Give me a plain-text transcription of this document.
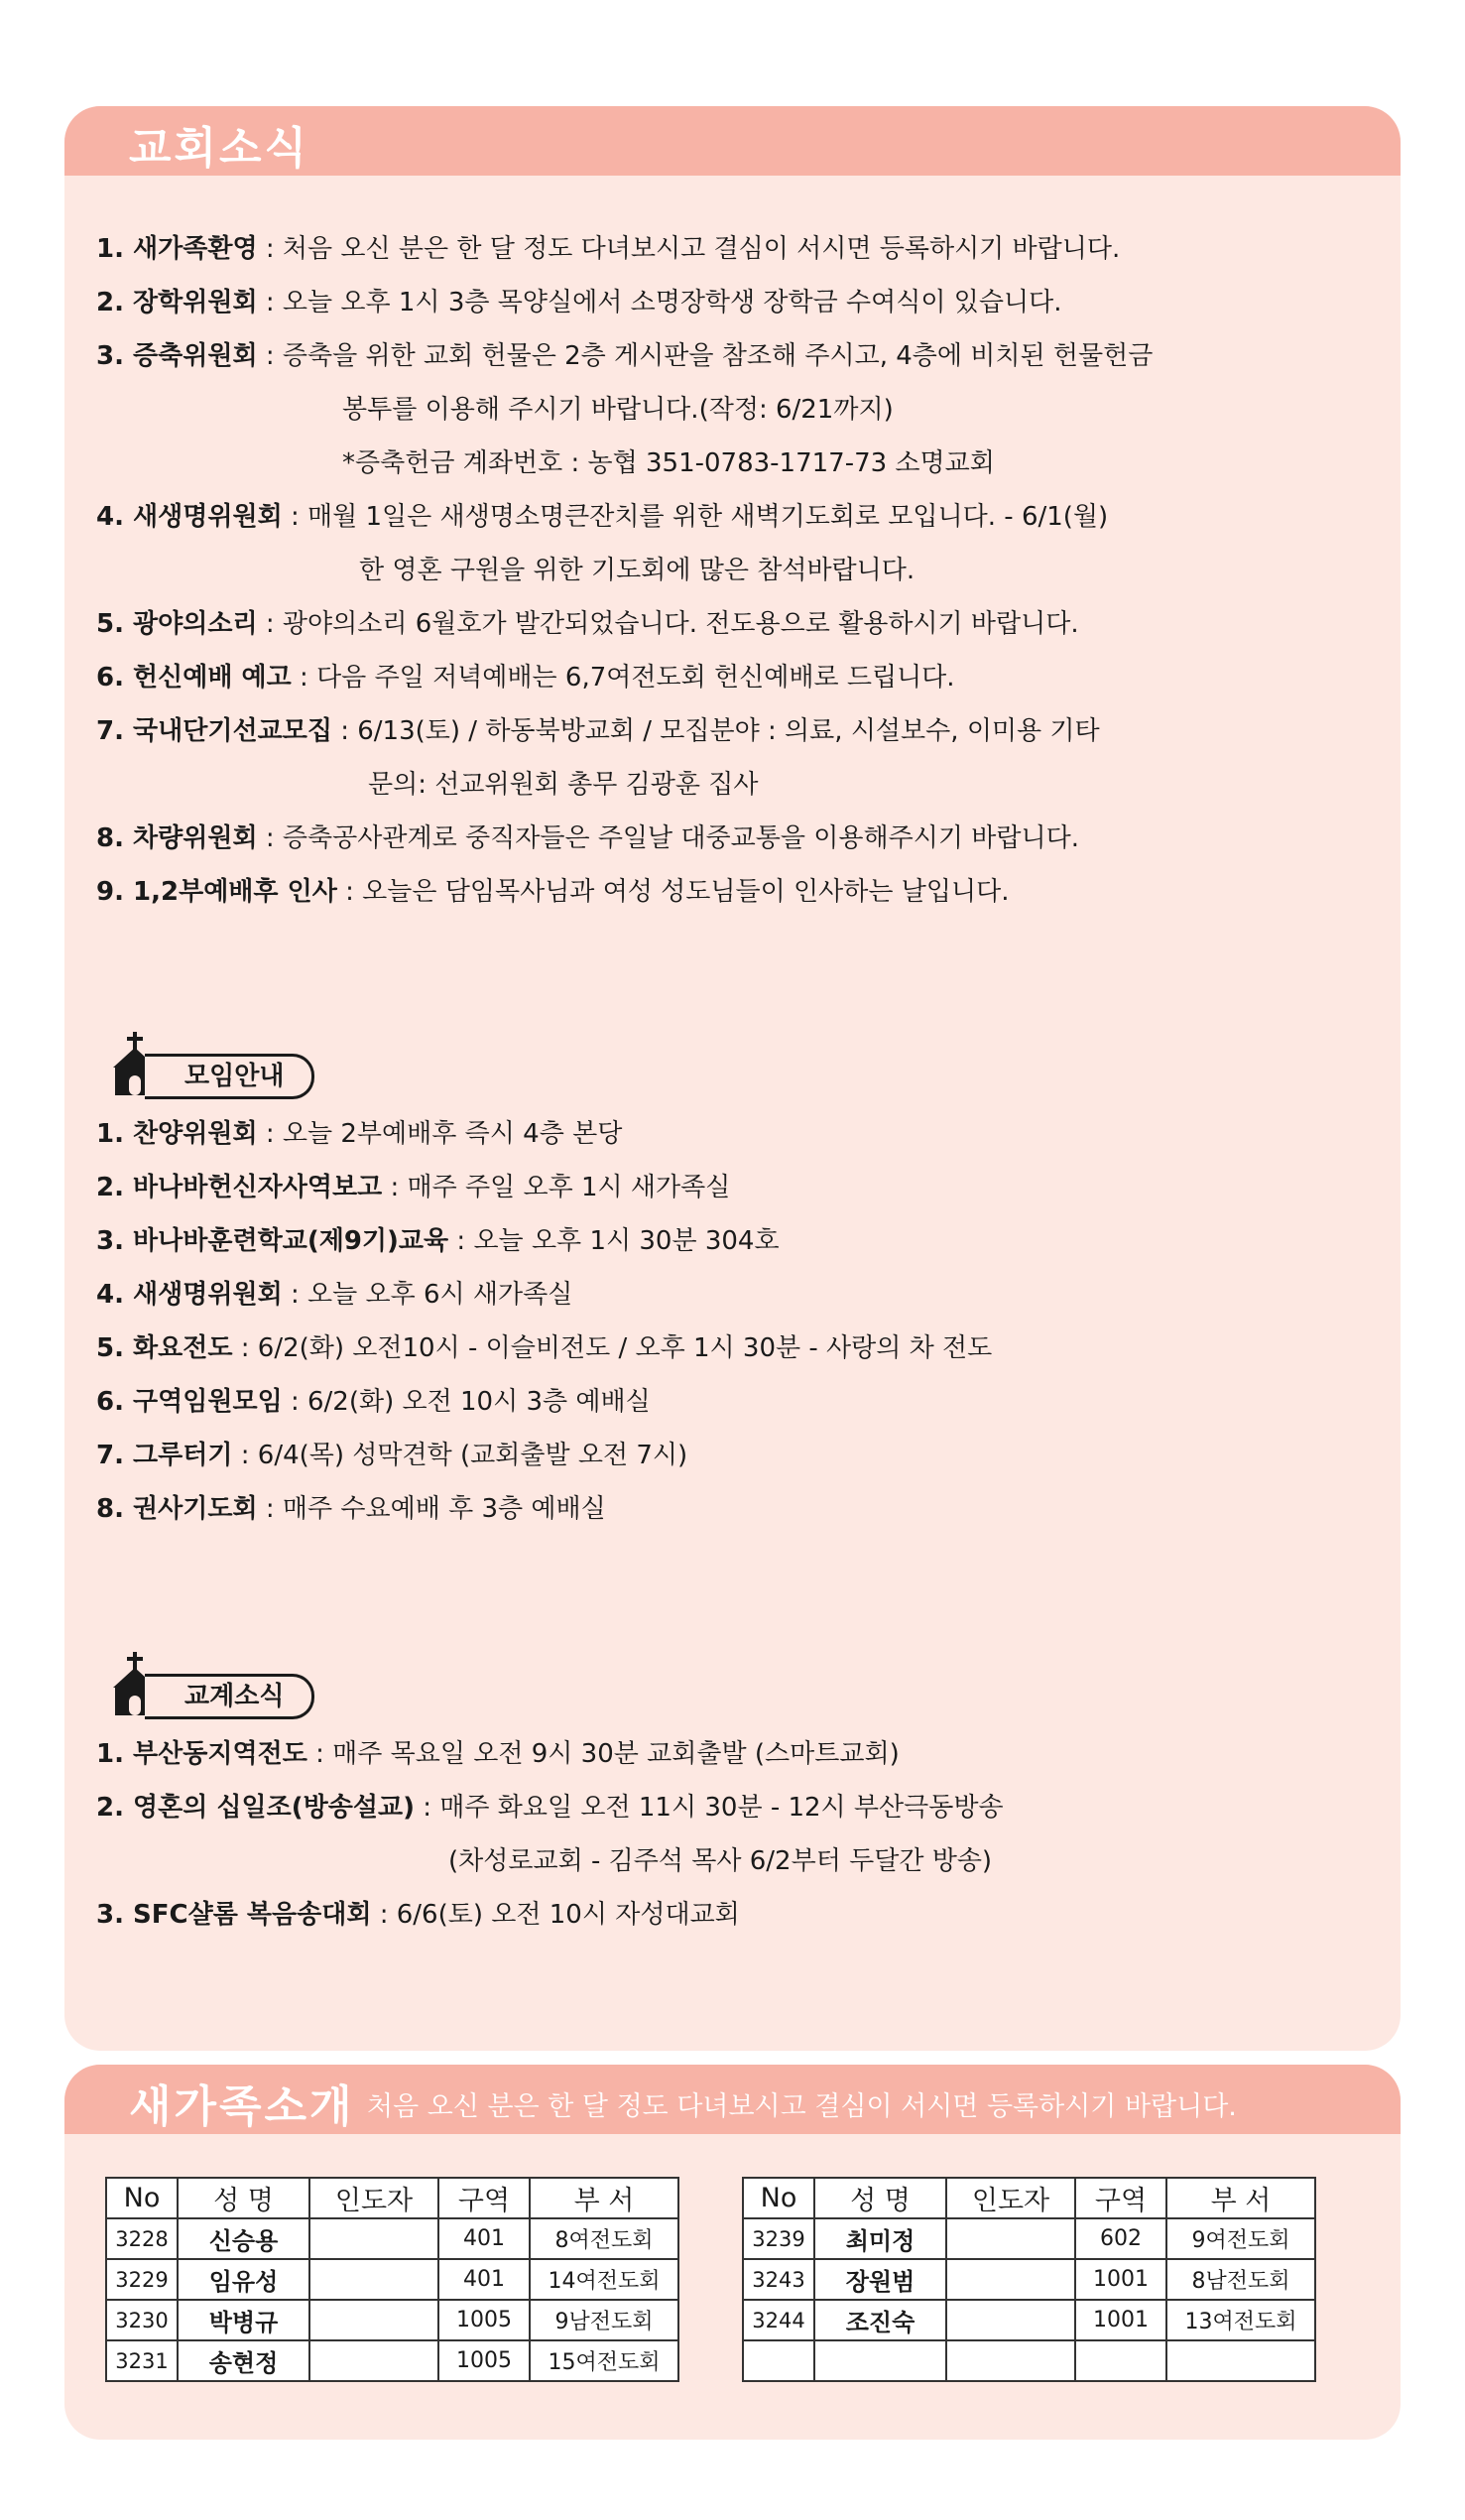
교회소식
1. 새가족환영 : 처음 오신 분은 한 달 정도 다녀보시고 결심이 서시면 등록하시기 바랍니다.
2. 장학위원회 : 오늘 오후 1시 3층 목양실에서 소명장학생 장학금 수여식이 있습니다.
3. 증축위원회 : 증축을 위한 교회 헌물은 2층 게시판을 참조해 주시고, 4층에 비치된 헌물헌금
봉투를 이용해 주시기 바랍니다.(작정: 6/21까지)
*증축헌금 계좌번호 : 농협 351-0783-1717-73 소명교회
4. 새생명위원회 : 매월 1일은 새생명소명큰잔치를 위한 새벽기도회로 모입니다. - 6/1(월)
한 영혼 구원을 위한 기도회에 많은 참석바랍니다.
5. 광야의소리 : 광야의소리 6월호가 발간되었습니다. 전도용으로 활용하시기 바랍니다.
6. 헌신예배 예고 : 다음 주일 저녁예배는 6,7여전도회 헌신예배로 드립니다.
7. 국내단기선교모집 : 6/13(토) / 하동북방교회 / 모집분야 : 의료, 시설보수, 이미용 기타
문의: 선교위원회 총무 김광훈 집사
8. 차량위원회 : 증축공사관계로 중직자들은 주일날 대중교통을 이용해주시기 바랍니다.
9. 1,2부예배후 인사 : 오늘은 담임목사님과 여성 성도님들이 인사하는 날입니다.
모임안내
1. 찬양위원회 : 오늘 2부예배후 즉시 4층 본당
2. 바나바헌신자사역보고 : 매주 주일 오후 1시 새가족실
3. 바나바훈련학교(제9기)교육 : 오늘 오후 1시 30분 304호
4. 새생명위원회 : 오늘 오후 6시 새가족실
5. 화요전도 : 6/2(화) 오전10시 - 이슬비전도 / 오후 1시 30분 - 사랑의 차 전도
6. 구역임원모임 : 6/2(화) 오전 10시 3층 예배실
7. 그루터기 : 6/4(목) 성막견학 (교회출발 오전 7시)
8. 권사기도회 : 매주 수요예배 후 3층 예배실
교계소식
1. 부산동지역전도 : 매주 목요일 오전 9시 30분 교회출발 (스마트교회)
2. 영혼의 십일조(방송설교) : 매주 화요일 오전 11시 30분 - 12시 부산극동방송
(차성로교회 - 김주석 목사 6/2부터 두달간 방송)
3. SFC샬롬 복음송대회 : 6/6(토) 오전 10시 자성대교회
새가족소개 처음 오신 분은 한 달 정도 다녀보시고 결심이 서시면 등록하시기 바랍니다.
No	성 명	인도자	구역	부 서
3228	신승용		401	8여전도회
3229	임유성		401	14여전도회
3230	박병규		1005	9남전도회
3231	송현정		1005	15여전도회
No	성 명	인도자	구역	부 서
3239	최미정		602	9여전도회
3243	장원범		1001	8남전도회
3244	조진숙		1001	13여전도회
